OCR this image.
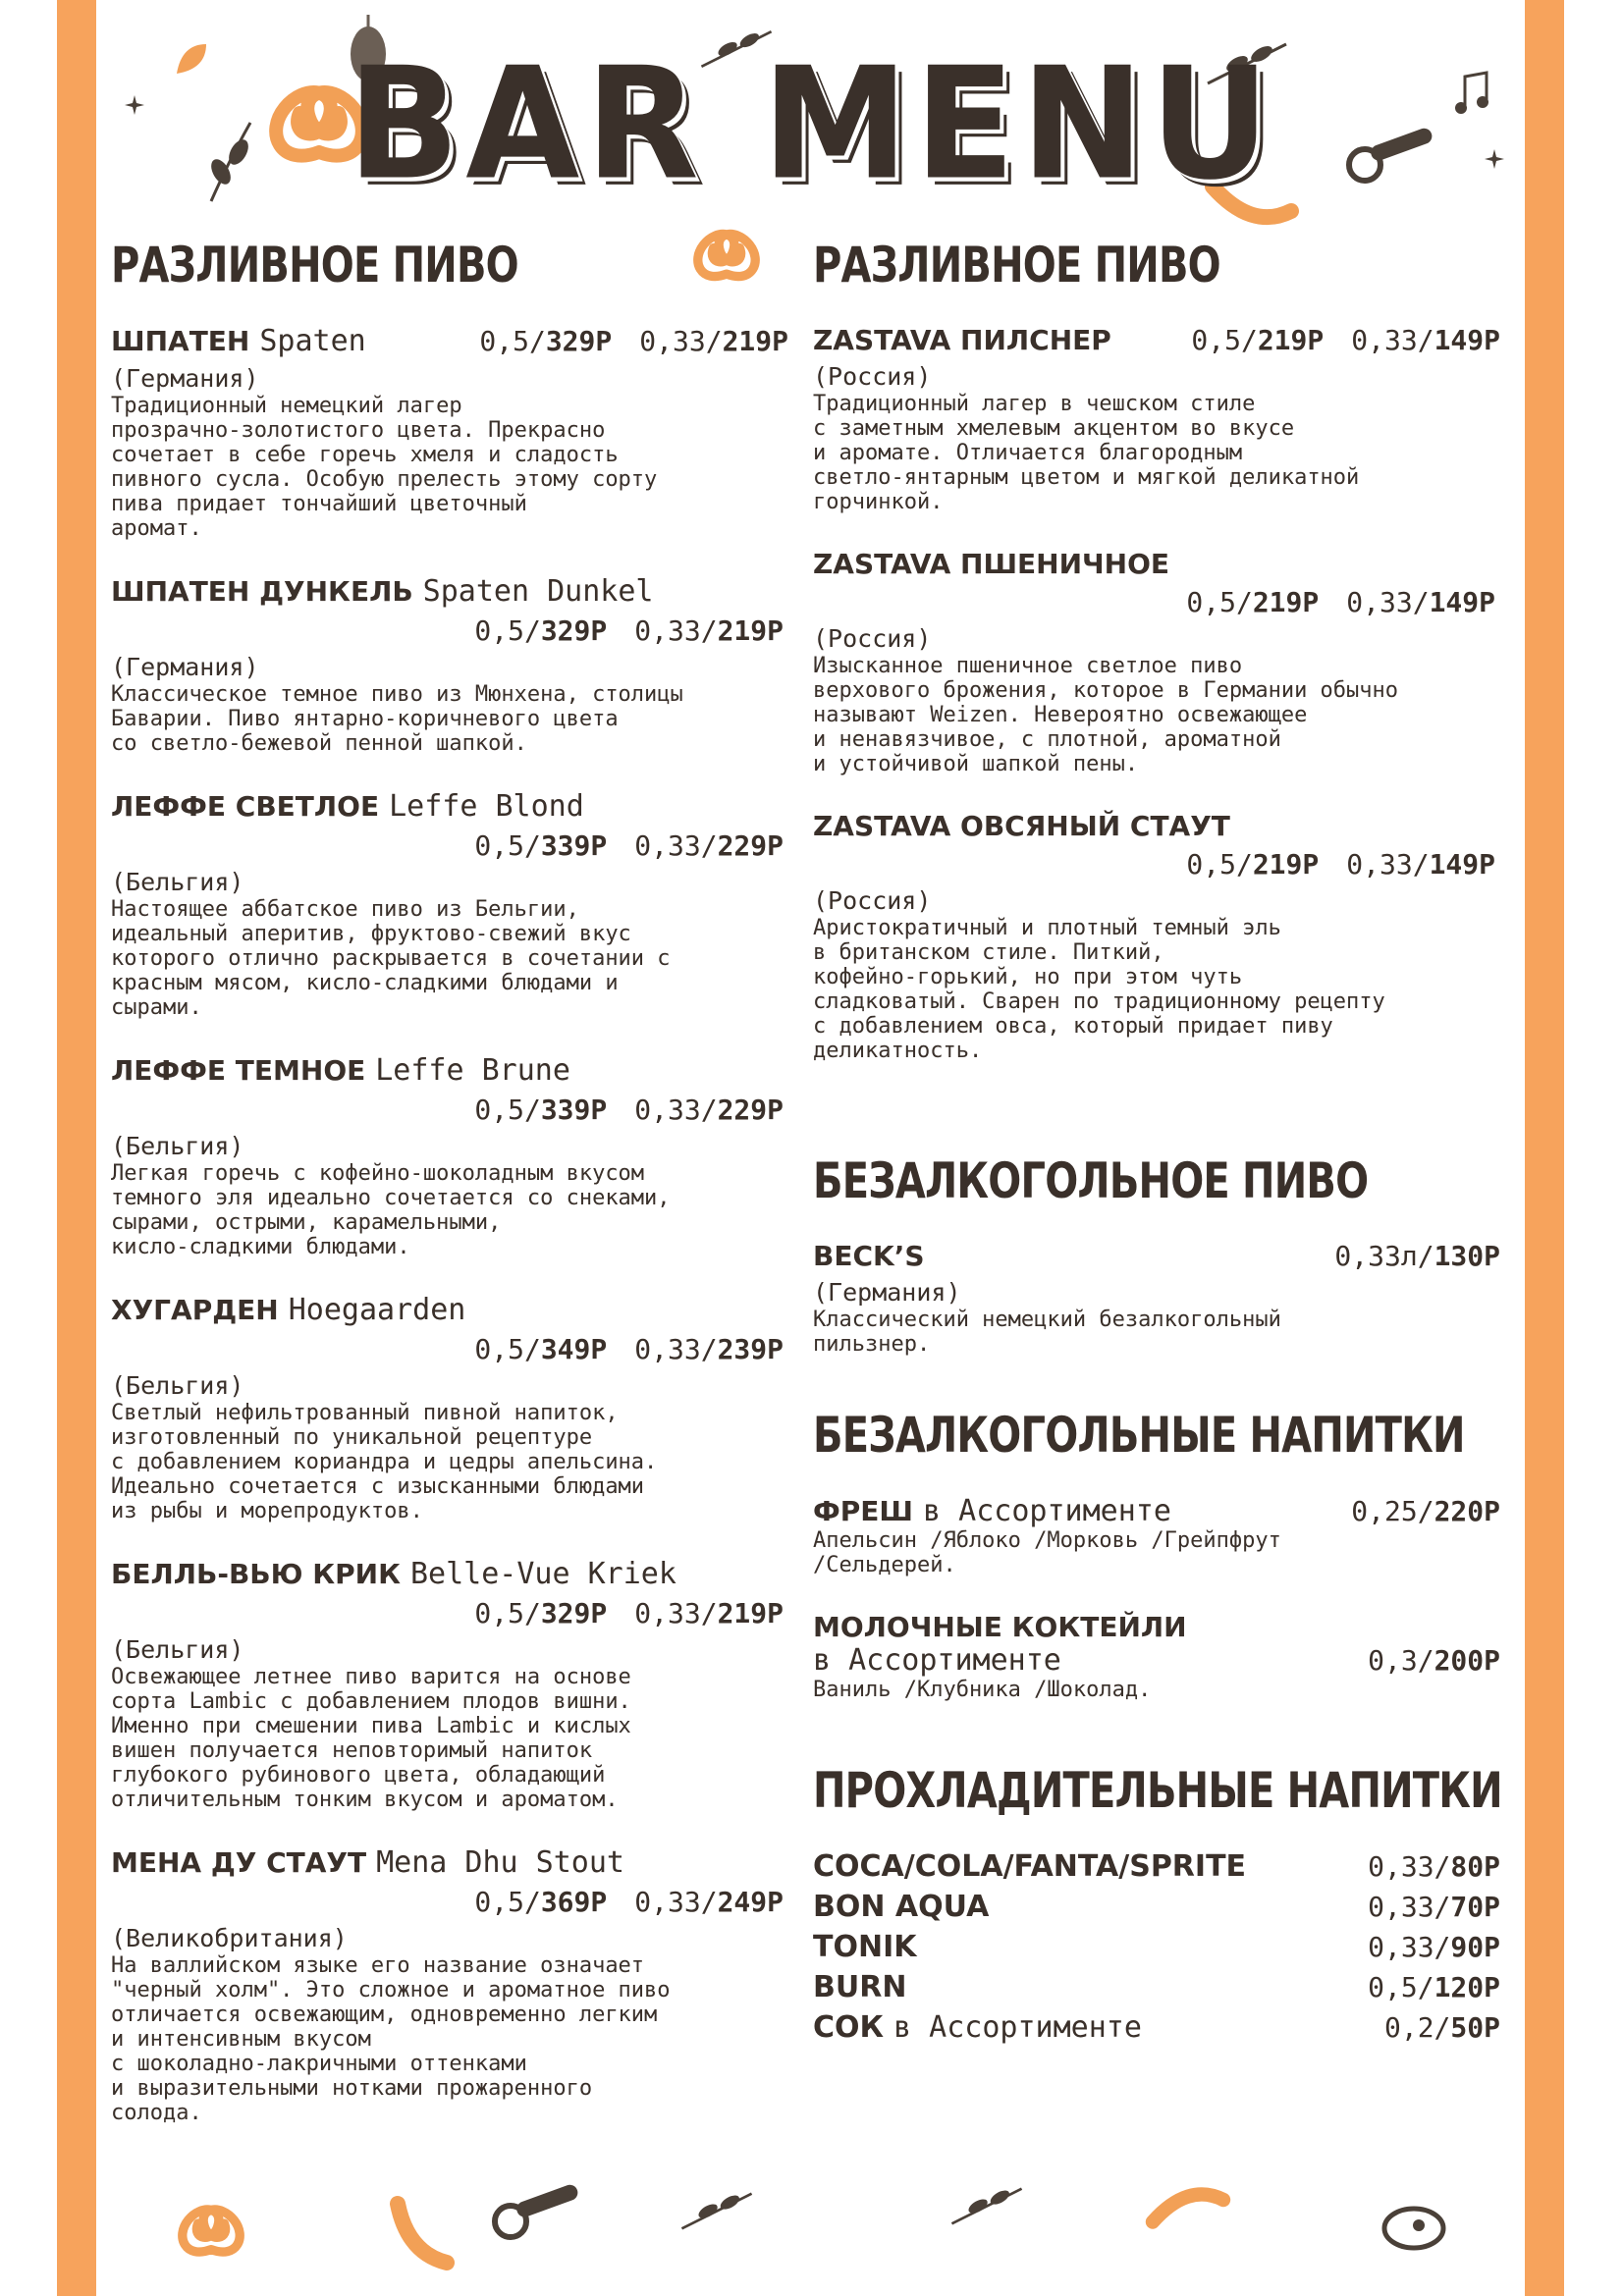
BAR MENU
РАЗЛИВНОЕ ПИВО
ШПАТЕН Spaten	0,5/329Р 0,33/219Р
(Германия)
Традиционный немецкий лагер
прозрачно-золотистого цвета. Прекрасно
сочетает в себе горечь хмеля и сладость
пивного сусла. Особую прелесть этому сорту
пива придает тончайший цветочный
аромат.
ШПАТЕН ДУНКЕЛЬ Spaten Dunkel
0,5/329Р 0,33/219Р
(Германия)
Классическое темное пиво из Мюнхена, столицы
Баварии. Пиво янтарно-коричневого цвета
со светло-бежевой пенной шапкой.
ЛЕФФЕ СВЕТЛОЕ Leffe Blond
0,5/339Р 0,33/229Р
(Бельгия)
Настоящее аббатское пиво из Бельгии,
идеальный аперитив, фруктово-свежий вкус
которого отлично раскрывается в сочетании с
красным мясом, кисло-сладкими блюдами и
сырами.
ЛЕФФЕ ТЕМНОЕ Leffe Brune
0,5/339Р 0,33/229Р
(Бельгия)
Легкая горечь с кофейно-шоколадным вкусом
темного эля идеально сочетается со снеками,
сырами, острыми, карамельными,
кисло-сладкими блюдами.
ХУГАРДЕН Hoegaarden
0,5/349Р 0,33/239Р
(Бельгия)
Светлый нефильтрованный пивной напиток,
изготовленный по уникальной рецептуре
с добавлением кориандра и цедры апельсина.
Идеально сочетается с изысканными блюдами
из рыбы и морепродуктов.
БЕЛЛЬ-ВЬЮ КРИК Belle-Vue Kriek
0,5/329Р 0,33/219Р
(Бельгия)
Освежающее летнее пиво варится на основе
сорта Lambic с добавлением плодов вишни.
Именно при смешении пива Lambic и кислых
вишен получается неповторимый напиток
глубокого рубинового цвета, обладающий
отличительным тонким вкусом и ароматом.
МЕНА ДУ СТАУТ Mena Dhu Stout
0,5/369Р 0,33/249Р
(Великобритания)
На валлийском языке его название означает
"черный холм". Это сложное и ароматное пиво
отличается освежающим, одновременно легким
и интенсивным вкусом
с шоколадно-лакричными оттенками
и выразительными нотками прожаренного
солода.
РАЗЛИВНОЕ ПИВО
ZASTAVA ПИЛСНЕР	0,5/219Р 0,33/149Р
(Россия)
Традиционный лагер в чешском стиле
с заметным хмелевым акцентом во вкусе
и аромате. Отличается благородным
светло-янтарным цветом и мягкой деликатной
горчинкой.
ZASTAVA ПШЕНИЧНОЕ
0,5/219Р 0,33/149Р
(Россия)
Изысканное пшеничное светлое пиво
верхового брожения, которое в Германии обычно
называют Weizen. Невероятно освежающее
и ненавязчивое, с плотной, ароматной
и устойчивой шапкой пены.
ZASTAVA ОВСЯНЫЙ СТАУТ
0,5/219Р 0,33/149Р
(Россия)
Аристократичный и плотный темный эль
в британском стиле. Питкий,
кофейно-горький, но при этом чуть
сладковатый. Сварен по традиционному рецепту
с добавлением овса, который придает пиву
деликатность.
БЕЗАЛКОГОЛЬНОЕ ПИВО
BECK’S	0,33л/130Р
(Германия)
Классический немецкий безалкогольный
пильзнер.
БЕЗАЛКОГОЛЬНЫЕ НАПИТКИ
ФРЕШ в Ассортименте	0,25/220Р
Апельсин /Яблоко /Морковь /Грейпфрут
/Сельдерей.
МОЛОЧНЫЕ КОКТЕЙЛИ
в Ассортименте	0,3/200Р
Ваниль /Клубника /Шоколад.
ПРОХЛАДИТЕЛЬНЫЕ НАПИТКИ
COCA/COLA/FANTA/SPRITE	0,33/80Р
BON AQUA	0,33/70Р
TONIK	0,33/90Р
BURN	0,5/120Р
СОК в Ассортименте	0,2/50Р
